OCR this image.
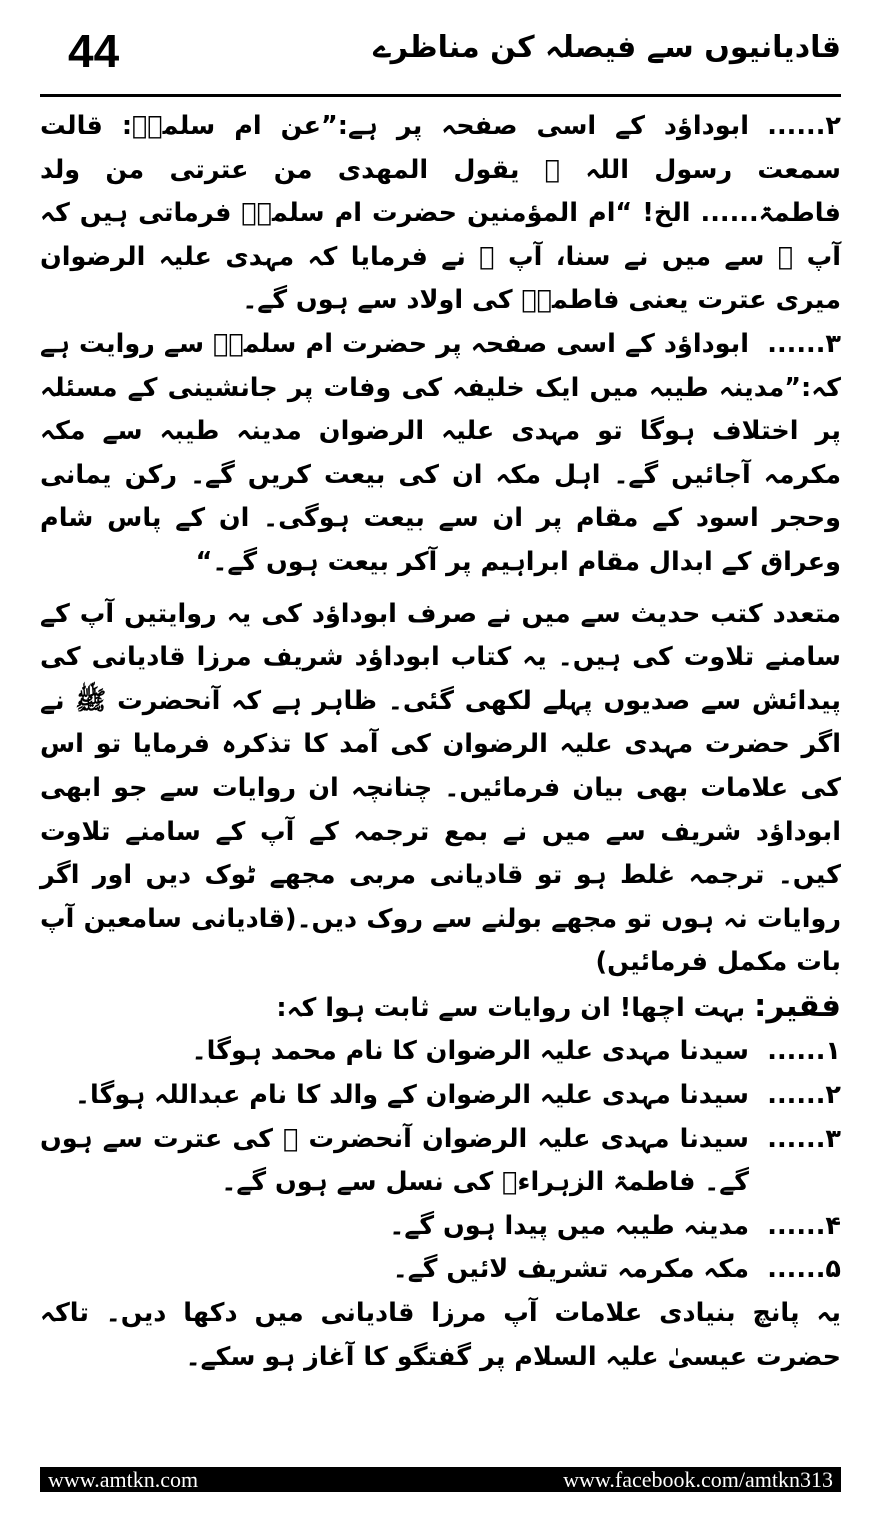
44	قادیانیوں سے فیصلہ کن مناظرے

۲......ابوداؤد کے اسی صفحہ پر ہے:”عن ام سلمۃؓ: قالت سمعت رسول اللہ ﷺ یقول المھدی من عترتی من ولد فاطمۃ...... الخ! “ام المؤمنین حضرت ام سلمہؓ فرماتی ہیں کہ آپ ﷺ سے میں نے سنا، آپ ﷺ نے فرمایا کہ مہدی علیہ الرضوان میری عترت یعنی فاطمہؓ کی اولاد سے ہوں گے۔

۳......ابوداؤد کے اسی صفحہ پر حضرت ام سلمہؓ سے روایت ہے کہ:”مدینہ طیبہ میں ایک خلیفہ کی وفات پر جانشینی کے مسئلہ پر اختلاف ہوگا تو مہدی علیہ الرضوان مدینہ طیبہ سے مکہ مکرمہ آجائیں گے۔ اہل مکہ ان کی بیعت کریں گے۔ رکن یمانی وحجر اسود کے مقام پر ان سے بیعت ہوگی۔ ان کے پاس شام وعراق کے ابدال مقام ابراہیم پر آکر بیعت ہوں گے۔“

متعدد کتب حدیث سے میں نے صرف ابوداؤد کی یہ روایتیں آپ کے سامنے تلاوت کی ہیں۔ یہ کتاب ابوداؤد شریف مرزا قادیانی کی پیدائش سے صدیوں پہلے لکھی گئی۔ ظاہر ہے کہ آنحضرت ﷺ نے اگر حضرت مہدی علیہ الرضوان کی آمد کا تذکرہ فرمایا تو اس کی علامات بھی بیان فرمائیں۔ چنانچہ ان روایات سے جو ابھی ابوداؤد شریف سے میں نے بمع ترجمہ کے آپ کے سامنے تلاوت کیں۔ ترجمہ غلط ہو تو قادیانی مربی مجھے ٹوک دیں اور اگر روایات نہ ہوں تو مجھے بولنے سے روک دیں۔(قادیانی سامعین آپ بات مکمل فرمائیں)

فقیر: بہت اچھا! ان روایات سے ثابت ہوا کہ:

۱......
سیدنا مہدی علیہ الرضوان کا نام محمد ہوگا۔
۲......
سیدنا مہدی علیہ الرضوان کے والد کا نام عبداللہ ہوگا۔
۳......
سیدنا مہدی علیہ الرضوان آنحضرت ﷺ کی عترت سے ہوں گے۔ فاطمۃ الزہراءؓ کی نسل سے ہوں گے۔
۴......
مدینہ طیبہ میں پیدا ہوں گے۔
۵......
مکہ مکرمہ تشریف لائیں گے۔

یہ پانچ بنیادی علامات آپ مرزا قادیانی میں دکھا دیں۔ تاکہ حضرت عیسیٰ علیہ السلام پر گفتگو کا آغاز ہو سکے۔

www.amtkn.com	www.facebook.com/amtkn313
